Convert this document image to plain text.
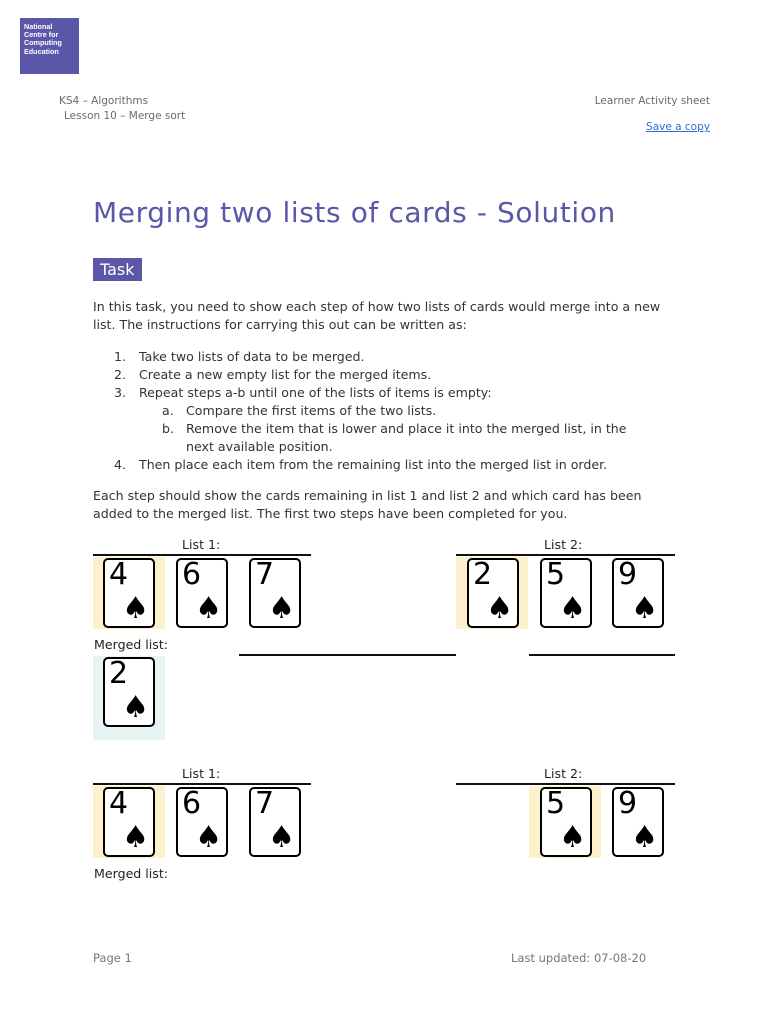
National
Centre for
Computing
Education
KS4 – Algorithms
Lesson 10 – Merge sort
Learner Activity sheet
Save a copy
Merging two lists of cards - Solution
Task

In this task, you need to show each step of how two lists of cards would merge into a new list. The instructions for carrying this out can be written as:

1. Take two lists of data to be merged.
2. Create a new empty list for the merged items.
3. Repeat steps a-b until one of the lists of items is empty:
a. Compare the first items of the two lists.
b. Remove the item that is lower and place it into the merged list, in the next available position.
4. Then place each item from the remaining list into the merged list in order.

Each step should show the cards remaining in list 1 and list 2 and which card has been added to the merged list. The first two steps have been completed for you.

List 1:	List 2:
4
♠
6
♠
7
♠
2
♠
5
♠
9
♠
Merged list:
2
♠
List 1:	List 2:
4
♠
6
♠
7
♠
5
♠
9
♠
Merged list:
Page 1	Last updated: 07-08-20
